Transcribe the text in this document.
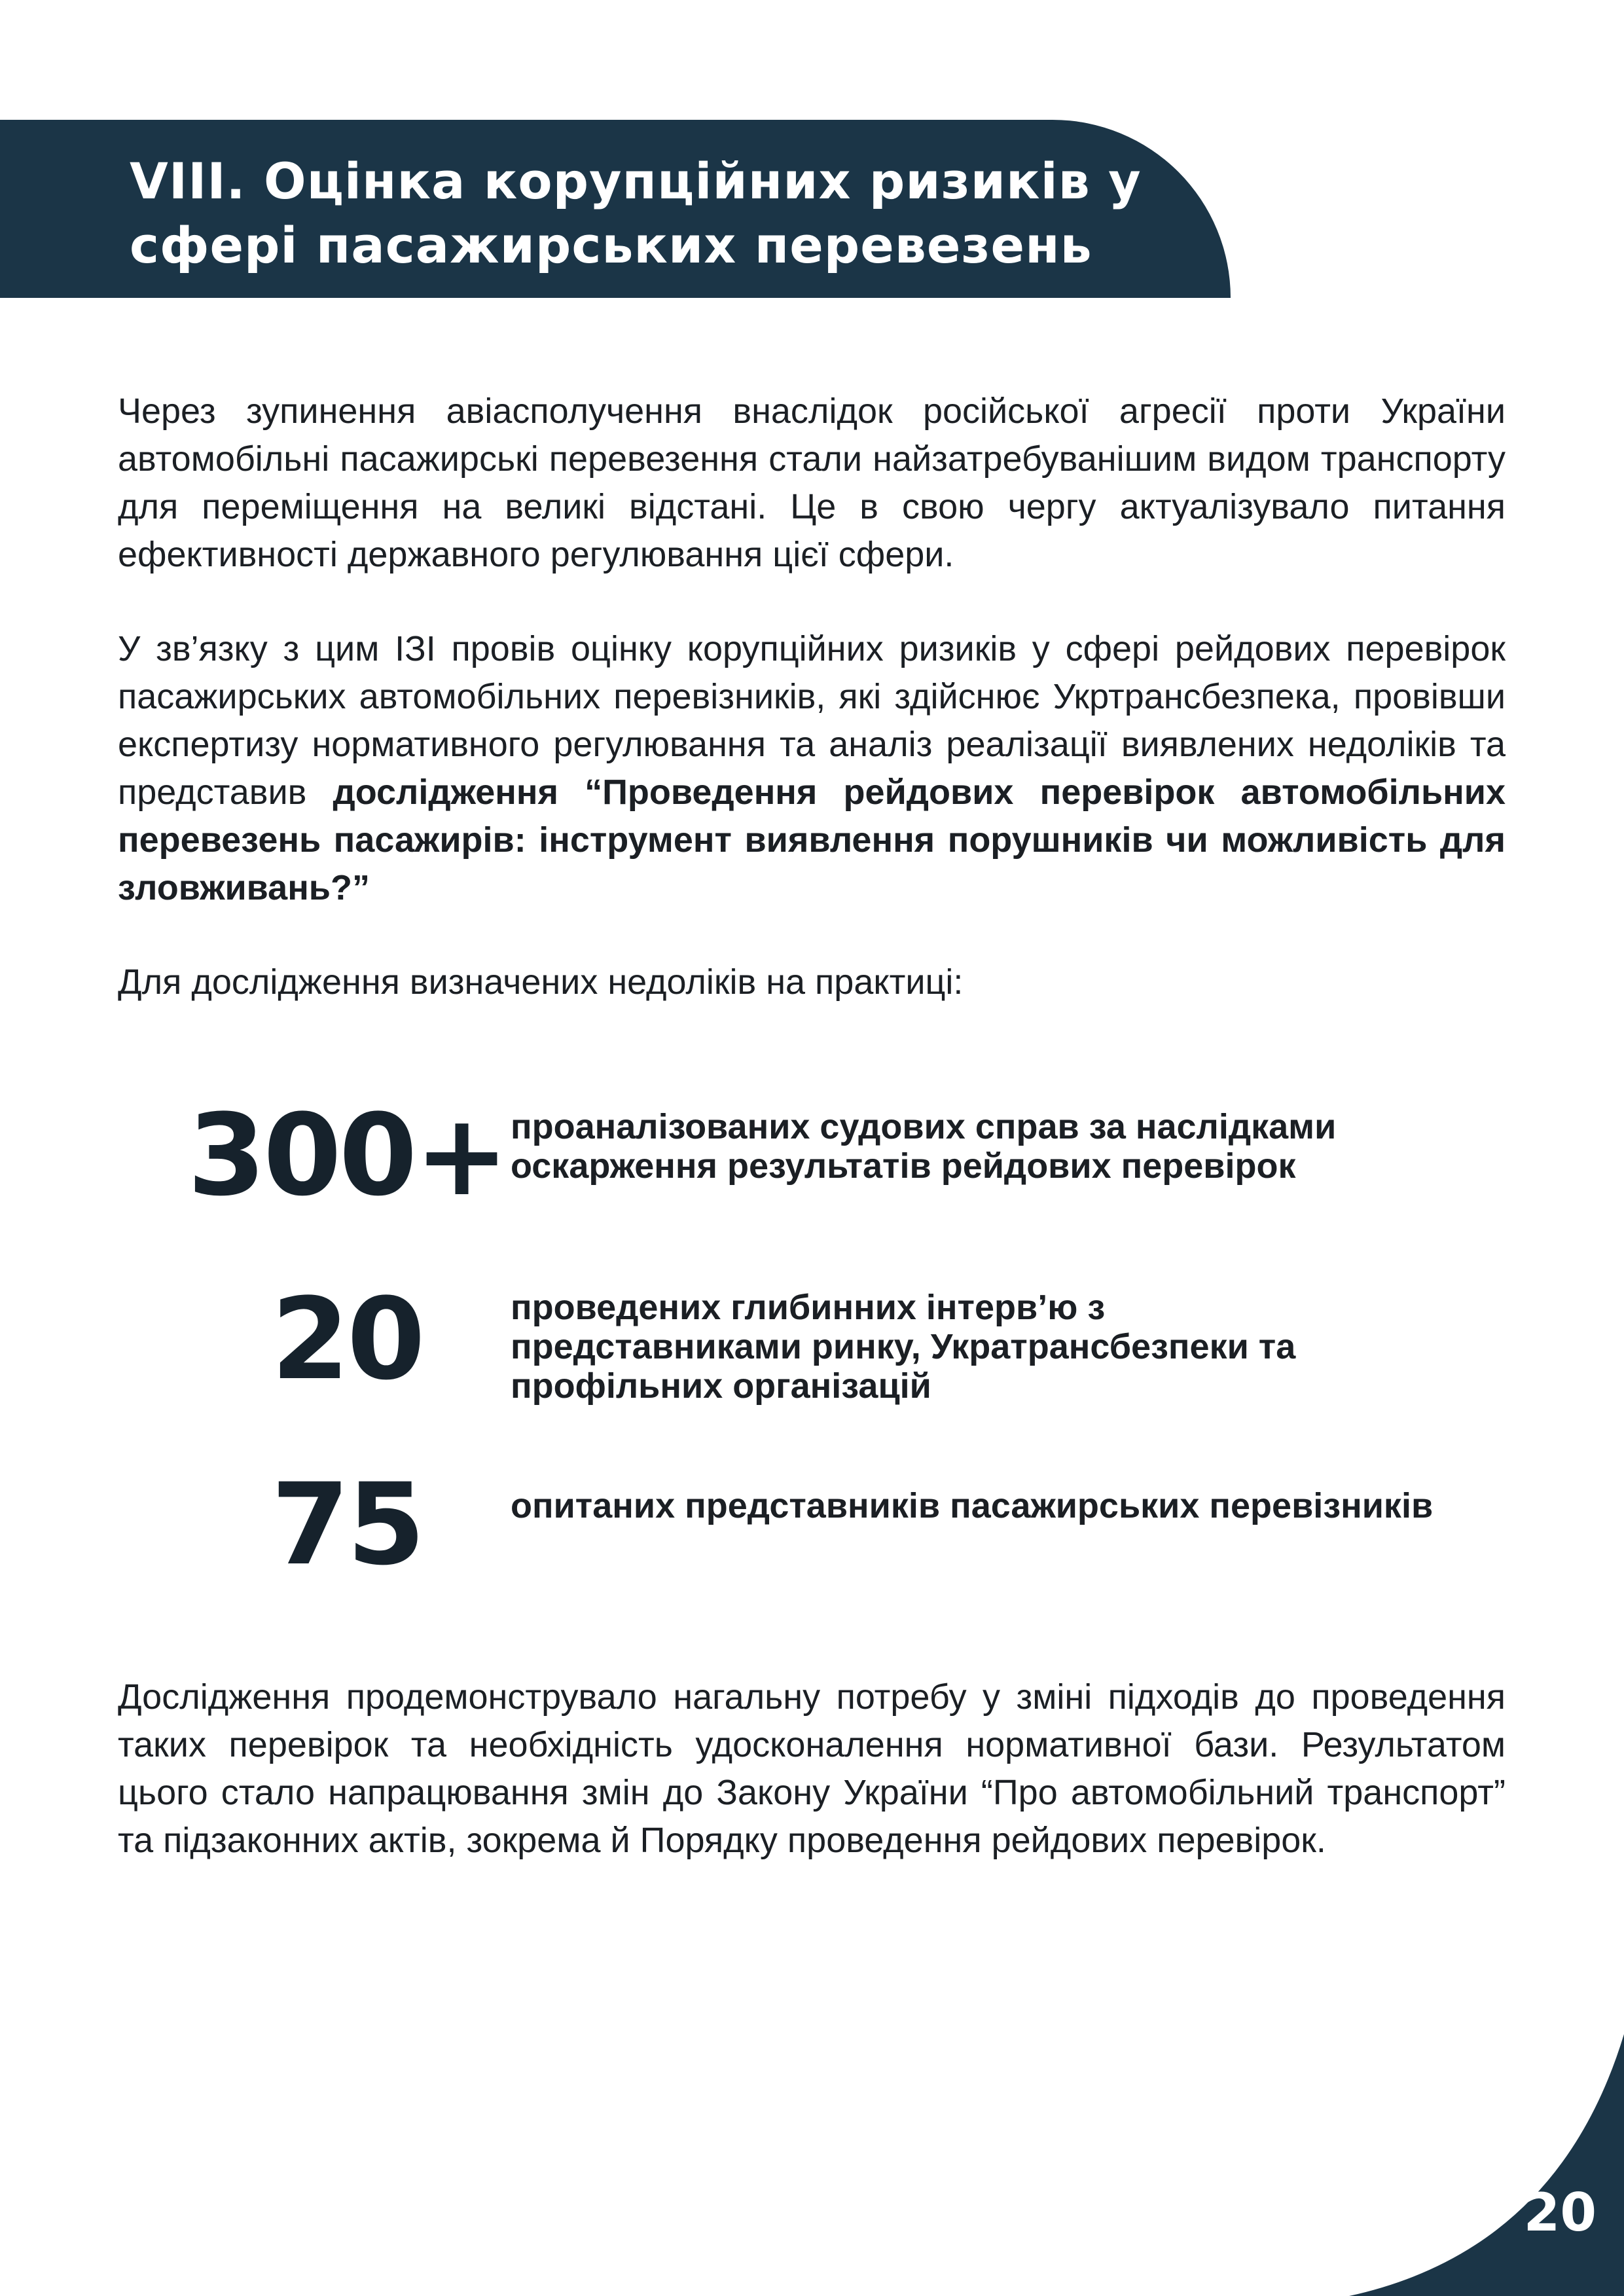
VIII. Оцінка корупційних ризиків у
сфері пасажирських перевезень

Через зупинення авіасполучення внаслідок російської агресії проти України автомобільні пасажирські перевезення стали найзатребуванішим видом транспорту для переміщення на великі відстані. Це в свою чергу актуалізувало питання ефективності державного регулювання цієї сфери.

У зв’язку з цим ІЗІ провів оцінку корупційних ризиків у сфері рейдових перевірок пасажирських автомобільних перевізників, які здійснює Укртрансбезпека, провівши експертизу нормативного регулювання та аналіз реалізації виявлених недоліків та представив дослідження “Проведення рейдових перевірок автомобільних перевезень пасажирів: інструмент виявлення порушників чи можливість для зловживань?”

Для дослідження визначених недоліків на практиці:

300+ проаналізованих судових справ за наслідками
оскарження результатів рейдових перевірок
20	проведених глибинних інтерв’ю з
представниками ринку, Укратрансбезпеки та
профільних організацій
75	опитаних представників пасажирських перевізників

Дослідження продемонструвало нагальну потребу у зміні підходів до проведення таких перевірок та необхідність удосконалення нормативної бази. Результатом цього стало напрацювання змін до Закону України “Про автомобільний транспорт” та підзаконних актів, зокрема й Порядку проведення рейдових перевірок.

20
